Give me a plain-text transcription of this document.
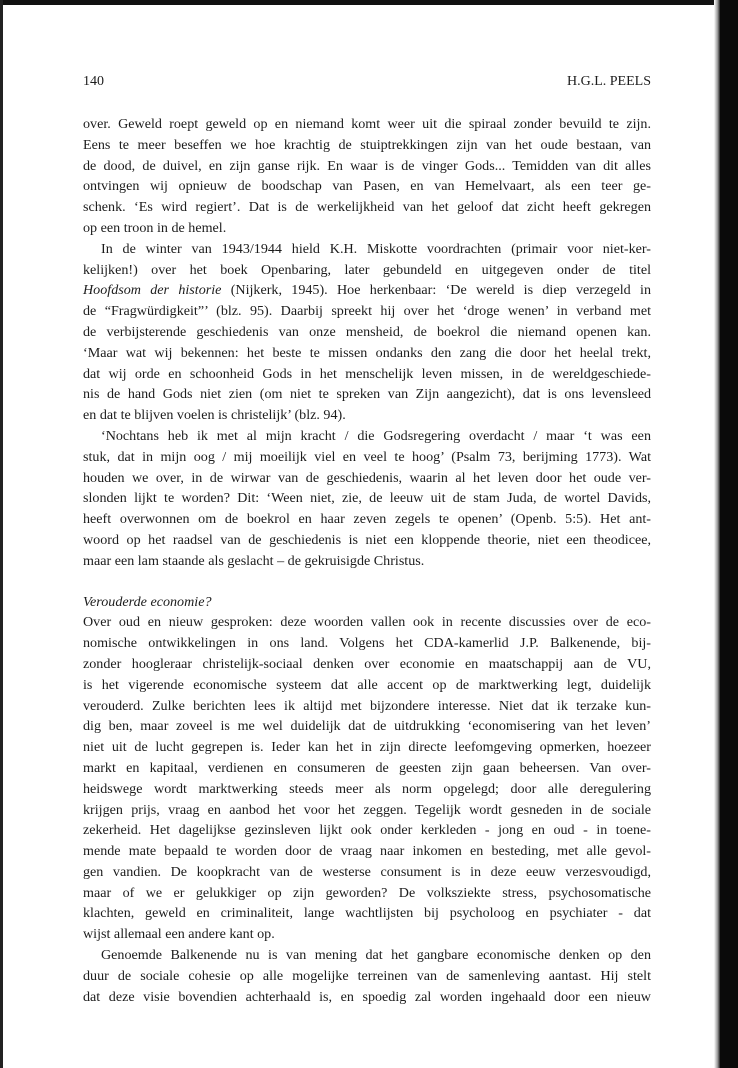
140	H.G.L. PEELS
over. Geweld roept geweld op en niemand komt weer uit die spiraal zonder bevuild te zijn.
Eens te meer beseffen we hoe krachtig de stuiptrekkingen zijn van het oude bestaan, van
de dood, de duivel, en zijn ganse rijk. En waar is de vinger Gods... Temidden van dit alles
ontvingen wij opnieuw de boodschap van Pasen, en van Hemelvaart, als een teer ge-
schenk. ‘Es wird regiert’. Dat is de werkelijkheid van het geloof dat zicht heeft gekregen
op een troon in de hemel.
In de winter van 1943/1944 hield K.H. Miskotte voordrachten (primair voor niet-ker-
kelijken!) over het boek Openbaring, later gebundeld en uitgegeven onder de titel
Hoofdsom der historie (Nijkerk, 1945). Hoe herkenbaar: ‘De wereld is diep verzegeld in
de “Fragwürdigkeit”’ (blz. 95). Daarbij spreekt hij over het ‘droge wenen’ in verband met
de verbijsterende geschiedenis van onze mensheid, de boekrol die niemand openen kan.
‘Maar wat wij bekennen: het beste te missen ondanks den zang die door het heelal trekt,
dat wij orde en schoonheid Gods in het menschelijk leven missen, in de wereldgeschiede-
nis de hand Gods niet zien (om niet te spreken van Zijn aangezicht), dat is ons levensleed
en dat te blijven voelen is christelijk’ (blz. 94).
‘Nochtans heb ik met al mijn kracht / die Godsregering overdacht / maar ‘t was een
stuk, dat in mijn oog / mij moeilijk viel en veel te hoog’ (Psalm 73, berijming 1773). Wat
houden we over, in de wirwar van de geschiedenis, waarin al het leven door het oude ver-
slonden lijkt te worden? Dit: ‘Ween niet, zie, de leeuw uit de stam Juda, de wortel Davids,
heeft overwonnen om de boekrol en haar zeven zegels te openen’ (Openb. 5:5). Het ant-
woord op het raadsel van de geschiedenis is niet een kloppende theorie, niet een theodicee,
maar een lam staande als geslacht – de gekruisigde Christus.
Verouderde economie?
Over oud en nieuw gesproken: deze woorden vallen ook in recente discussies over de eco-
nomische ontwikkelingen in ons land. Volgens het CDA-kamerlid J.P. Balkenende, bij-
zonder hoogleraar christelijk-sociaal denken over economie en maatschappij aan de VU,
is het vigerende economische systeem dat alle accent op de marktwerking legt, duidelijk
verouderd. Zulke berichten lees ik altijd met bijzondere interesse. Niet dat ik terzake kun-
dig ben, maar zoveel is me wel duidelijk dat de uitdrukking ‘economisering van het leven’
niet uit de lucht gegrepen is. Ieder kan het in zijn directe leefomgeving opmerken, hoezeer
markt en kapitaal, verdienen en consumeren de geesten zijn gaan beheersen. Van over-
heidswege wordt marktwerking steeds meer als norm opgelegd; door alle deregulering
krijgen prijs, vraag en aanbod het voor het zeggen. Tegelijk wordt gesneden in de sociale
zekerheid. Het dagelijkse gezinsleven lijkt ook onder kerkleden - jong en oud - in toene-
mende mate bepaald te worden door de vraag naar inkomen en besteding, met alle gevol-
gen vandien. De koopkracht van de westerse consument is in deze eeuw verzesvoudigd,
maar of we er gelukkiger op zijn geworden? De volksziekte stress, psychosomatische
klachten, geweld en criminaliteit, lange wachtlijsten bij psycholoog en psychiater - dat
wijst allemaal een andere kant op.
Genoemde Balkenende nu is van mening dat het gangbare economische denken op den
duur de sociale cohesie op alle mogelijke terreinen van de samenleving aantast. Hij stelt
dat deze visie bovendien achterhaald is, en spoedig zal worden ingehaald door een nieuw
